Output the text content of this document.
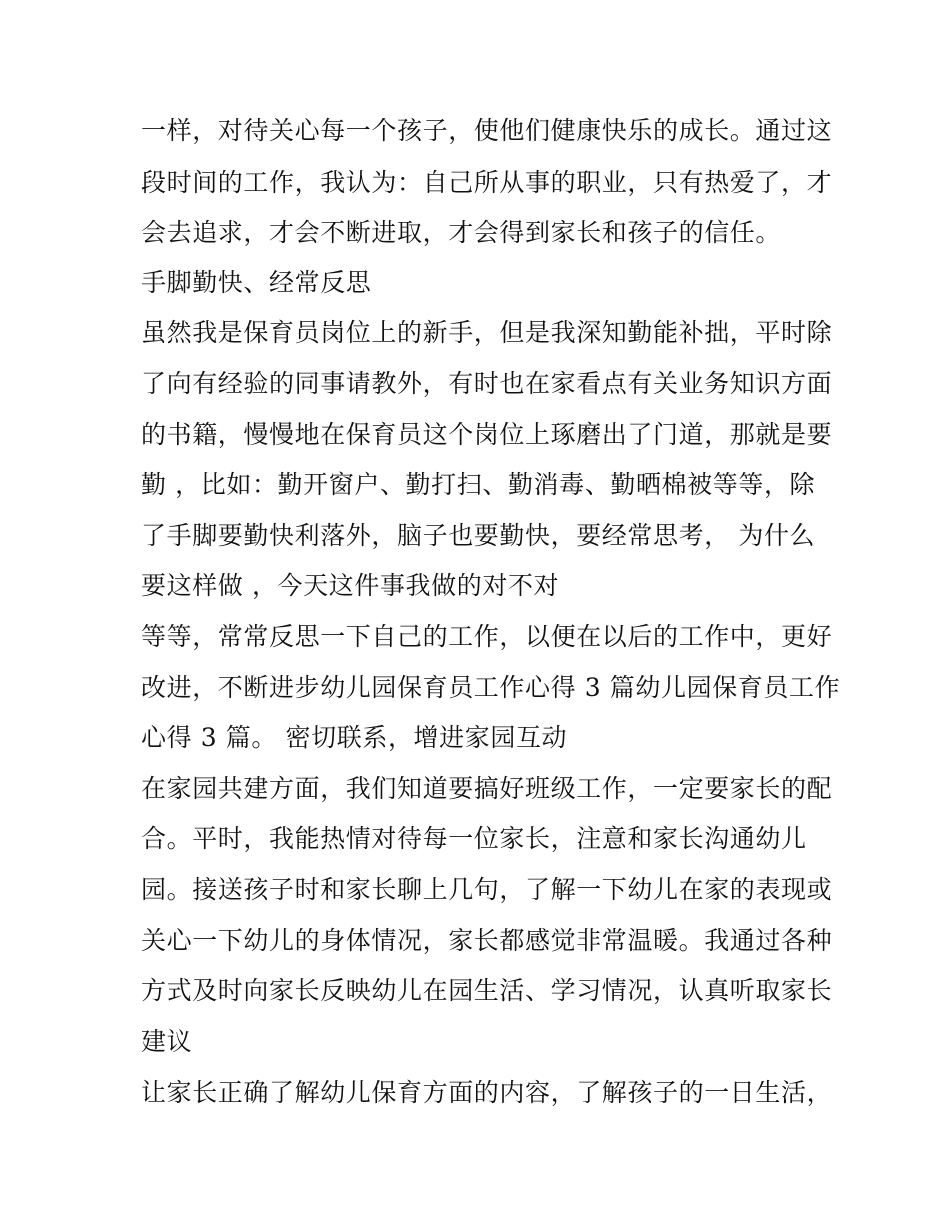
一样，对待关心每一个孩子，使他们健康快乐的成长。通过这
段时间的工作，我认为：自己所从事的职业，只有热爱了，才
会去追求，才会不断进取，才会得到家长和孩子的信任。
手脚勤快、经常反思
虽然我是保育员岗位上的新手，但是我深知勤能补拙，平时除
了向有经验的同事请教外，有时也在家看点有关业务知识方面
的书籍，慢慢地在保育员这个岗位上琢磨出了门道，那就是要
勤 ，比如：勤开窗户、勤打扫、勤消毒、勤晒棉被等等，除
了手脚要勤快利落外，脑子也要勤快，要经常思考， 为什么
要这样做 ，今天这件事我做的对不对
等等，常常反思一下自己的工作，以便在以后的工作中，更好
改进，不断进步幼儿园保育员工作心得 3 篇幼儿园保育员工作
心得 3 篇。 密切联系，增进家园互动
在家园共建方面，我们知道要搞好班级工作，一定要家长的配
合。平时，我能热情对待每一位家长，注意和家长沟通幼儿
园。接送孩子时和家长聊上几句，了解一下幼儿在家的表现或
关心一下幼儿的身体情况，家长都感觉非常温暖。我通过各种
方式及时向家长反映幼儿在园生活、学习情况，认真听取家长
建议
让家长正确了解幼儿保育方面的内容，了解孩子的一日生活，
